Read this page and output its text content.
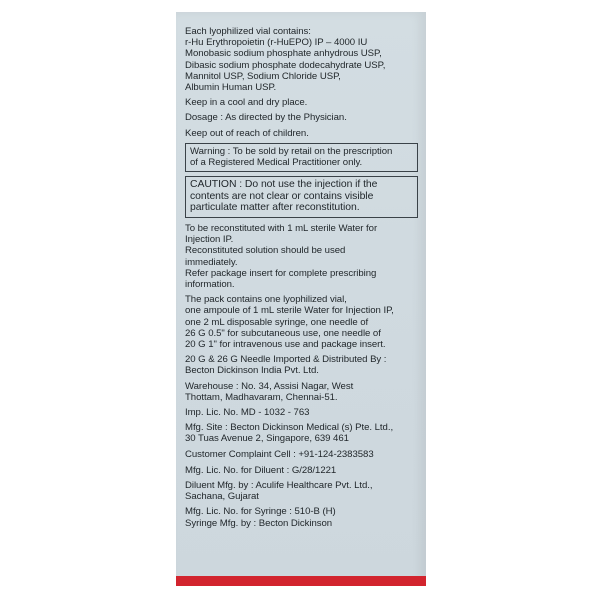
Each lyophilized vial contains:
r-Hu Erythropoietin (r-HuEPO) IP – 4000 IU
Monobasic sodium phosphate anhydrous USP,
Dibasic sodium phosphate dodecahydrate USP,
Mannitol USP, Sodium Chloride USP,
Albumin Human USP.
Keep in a cool and dry place.
Dosage : As directed by the Physician.
Keep out of reach of children.
Warning : To be sold by retail on the prescription
of a Registered Medical Practitioner only.
CAUTION : Do not use the injection if the
contents are not clear or contains visible
particulate matter after reconstitution.
To be reconstituted with 1 mL sterile Water for
Injection IP.
Reconstituted solution should be used
immediately.
Refer package insert for complete prescribing
information.
The pack contains one lyophilized vial,
one ampoule of 1 mL sterile Water for Injection IP,
one 2 mL disposable syringe, one needle of
26 G 0.5" for subcutaneous use, one needle of
20 G 1" for intravenous use and package insert.
20 G & 26 G Needle Imported & Distributed By :
Becton Dickinson India Pvt. Ltd.
Warehouse : No. 34, Assisi Nagar, West
Thottam, Madhavaram, Chennai-51.
Imp. Lic. No. MD - 1032 - 763
Mfg. Site : Becton Dickinson Medical (s) Pte. Ltd.,
30 Tuas Avenue 2, Singapore, 639 461
Customer Complaint Cell : +91-124-2383583
Mfg. Lic. No. for Diluent : G/28/1221
Diluent Mfg. by : Aculife Healthcare Pvt. Ltd.,
Sachana, Gujarat
Mfg. Lic. No. for Syringe : 510-B (H)
Syringe Mfg. by : Becton Dickinson
